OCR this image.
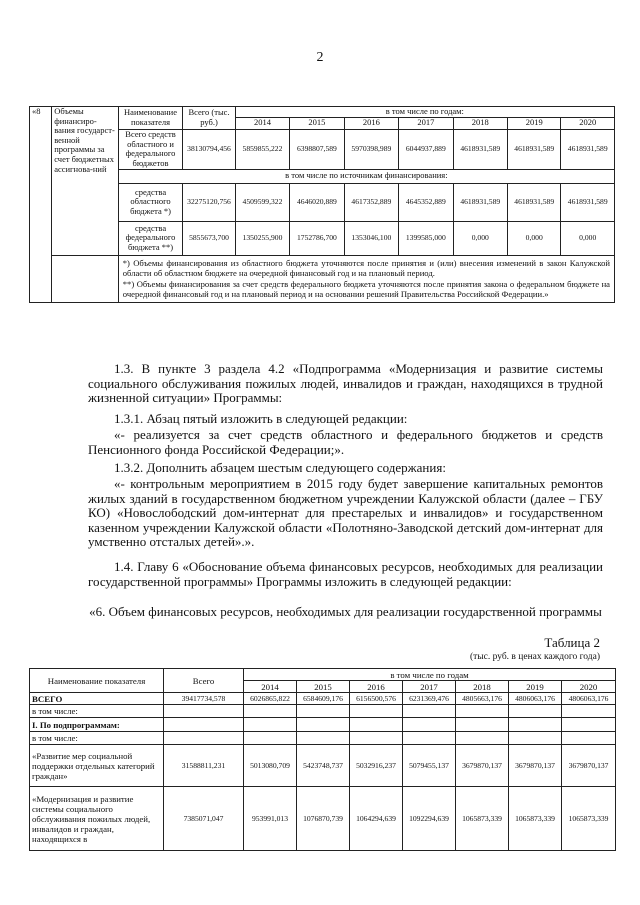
2
«8	Объемы финансиро-вания государст-венной программы за счет бюджетных ассигнова-ний	Наименование показателя	Всего (тыс. руб.)	в том числе по годам:						
				2014	2015	2016	2017	2018	2019	2020
		Всего средств областного и федерального бюджетов	38130794,456	5859855,222	6398807,589	5970398,989	6044937,889	4618931,589	4618931,589	4618931,589
		в том числе по источникам финансирования:								
		средства областного бюджета *)	32275120,756	4509599,322	4646020,889	4617352,889	4645352,889	4618931,589	4618931,589	4618931,589
		средства федерального бюджета **)	5855673,700	1350255,900	1752786,700	1353046,100	1399585,000	0,000	0,000	0,000

		*) Объемы финансирования из областного бюджета уточняются после принятия и (или) внесения изменений в закон Калужской области об областном бюджете на очередной финансовый год и на плановый период.
**) Объемы финансирования за счет средств федерального бюджета уточняются после принятия закона о федеральном бюджете на очередной финансовый год и на плановый период и на основании решений Правительства Российской Федерации.»								

1.3. В пункте 3 раздела 4.2 «Подпрограмма «Модернизация и развитие системы социального обслуживания пожилых людей, инвалидов и граждан, находящихся в трудной жизненной ситуации» Программы:
1.3.1. Абзац пятый изложить в следующей редакции:
«- реализуется за счет средств областного и федерального бюджетов и средств Пенсионного фонда Российской Федерации;».
1.3.2. Дополнить абзацем шестым следующего содержания:
«- контрольным мероприятием в 2015 году будет завершение капитальных ремонтов жилых зданий в государственном бюджетном учреждении Калужской области (далее – ГБУ КО) «Новослободский дом-интернат для престарелых и инвалидов» и государственном казенном учреждении Калужской области «Полотняно-Заводской детский дом-интернат для умственно отсталых детей».».
1.4. Главу 6 «Обоснование объема финансовых ресурсов, необходимых для реализации государственной программы» Программы изложить в следующей редакции:
«6. Объем финансовых ресурсов, необходимых для реализации государственной программы
Таблица 2
(тыс. руб. в ценах каждого года)
Наименование показателя	Всего	в том числе по годам						
		2014	2015	2016	2017	2018	2019	2020
ВСЕГО	39417734,578	6026865,822	6584609,176	6156500,576	6231369,476	4805663,176	4806063,176	4806063,176
в том числе:								
I. По подпрограммам:								
в том числе:								
«Развитие мер социальной поддержки отдельных категорий граждан»	31588811,231	5013080,709	5423748,737	5032916,237	5079455,137	3679870,137	3679870,137	3679870,137
«Модернизация и развитие системы социального обслуживания пожилых людей, инвалидов и граждан, находящихся в	7385071,047	953991,013	1076870,739	1064294,639	1092294,639	1065873,339	1065873,339	1065873,339
